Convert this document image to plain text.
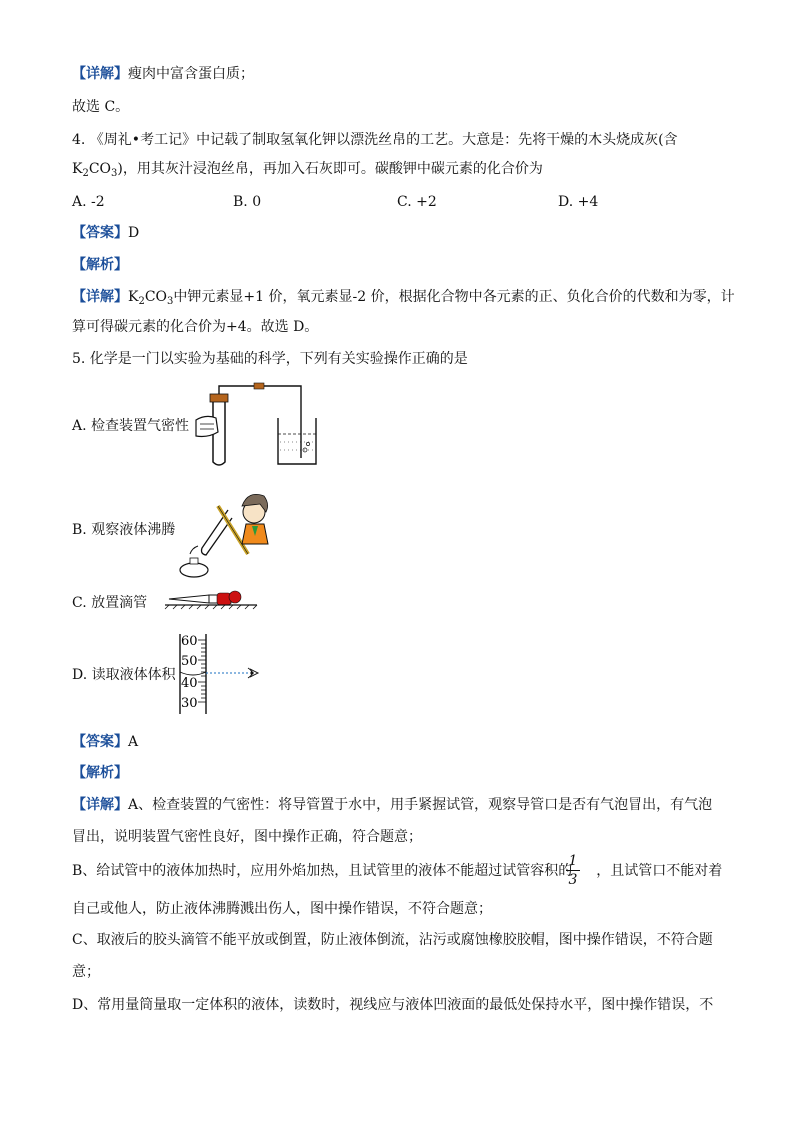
【详解】瘦肉中富含蛋白质；
故选 C。
4. 《周礼•考工记》中记载了制取氢氧化钾以漂洗丝帛的工艺。大意是：先将干燥的木头烧成灰(含
$K_2CO_3$)，用其灰汁浸泡丝帛，再加入石灰即可。碳酸钾中碳元素的化合价为
A. -2	B. 0	C. +2	D. +4
【答案】D
【解析】
【详解】$K_2CO_3$中钾元素显+1 价，氧元素显-2 价，根据化合物中各元素的正、负化合价的代数和为零，计
算可得碳元素的化合价为+4。故选 D。
5. 化学是一门以实验为基础的科学，下列有关实验操作正确的是
A. 检查装置气密性
B. 观察液体沸腾
C. 放置滴管
D. 读取液体体积
60
50
40
30
【答案】A
【解析】
【详解】A、检查装置的气密性：将导管置于水中，用手紧握试管，观察导管口是否有气泡冒出，有气泡
冒出，说明装置气密性良好，图中操作正确，符合题意；
B、给试管中的液体加热时，应用外焰加热，且试管里的液体不能超过试管容积的 ，且试管口不能对着
1
3
自己或他人，防止液体沸腾溅出伤人，图中操作错误，不符合题意；
C、取液后的胶头滴管不能平放或倒置，防止液体倒流，沾污或腐蚀橡胶胶帽，图中操作错误，不符合题
意；
D、常用量筒量取一定体积的液体，读数时，视线应与液体凹液面的最低处保持水平，图中操作错误，不
